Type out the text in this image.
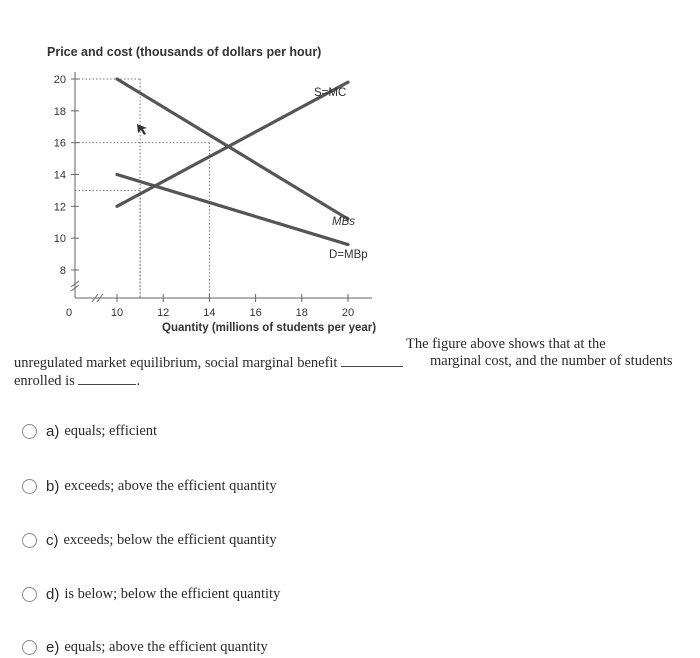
Price and cost (thousands of dollars per hour)
8
10
12
14
16
18
20
10	12	14	16	18	20
0
S=MC
MBs
D=MBp
Quantity (millions of students per year)
The figure above shows that at the
marginal cost, and the number of students
unregulated market equilibrium, social marginal benefit
enrolled is	.
a) equals; efficient
b) exceeds; above the efficient quantity
c) exceeds; below the efficient quantity
d) is below; below the efficient quantity
e) equals; above the efficient quantity
